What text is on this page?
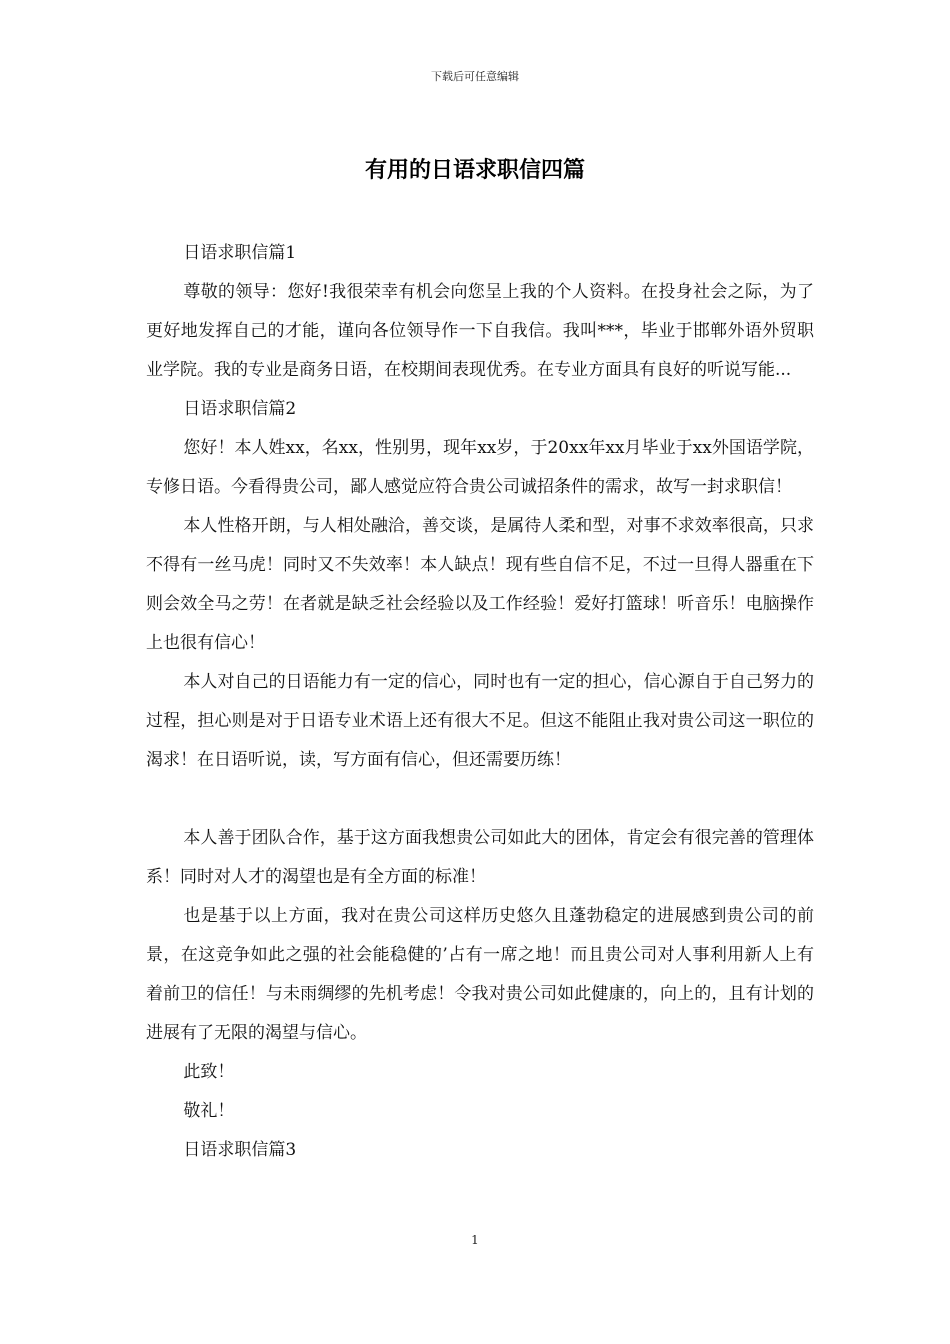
下载后可任意编辑
有用的日语求职信四篇

日语求职信篇1

尊敬的领导：您好!我很荣幸有机会向您呈上我的个人资料。在投身社会之际，为了更好地发挥自己的才能，谨向各位领导作一下自我信。我叫***，毕业于邯郸外语外贸职业学院。我的专业是商务日语，在校期间表现优秀。在专业方面具有良好的听说写能...

日语求职信篇2

您好！本人姓xx，名xx，性别男，现年xx岁，于20xx年xx月毕业于xx外国语学院，专修日语。今看得贵公司，鄙人感觉应符合贵公司诚招条件的需求，故写一封求职信！

本人性格开朗，与人相处融洽，善交谈，是属待人柔和型，对事不求效率很高，只求不得有一丝马虎！同时又不失效率！本人缺点！现有些自信不足，不过一旦得人器重在下则会效全马之劳！在者就是缺乏社会经验以及工作经验！爱好打篮球！听音乐！电脑操作上也很有信心！

本人对自己的日语能力有一定的信心，同时也有一定的担心，信心源自于自己努力的过程，担心则是对于日语专业术语上还有很大不足。但这不能阻止我对贵公司这一职位的渴求！在日语听说，读，写方面有信心，但还需要历练！

本人善于团队合作，基于这方面我想贵公司如此大的团体，肯定会有很完善的管理体系！同时对人才的渴望也是有全方面的标准！

也是基于以上方面，我对在贵公司这样历史悠久且蓬勃稳定的进展感到贵公司的前景，在这竞争如此之强的社会能稳健的’占有一席之地！而且贵公司对人事利用新人上有着前卫的信任！与未雨绸缪的先机考虑！令我对贵公司如此健康的，向上的，且有计划的进展有了无限的渴望与信心。

此致！

敬礼！

日语求职信篇3

1
